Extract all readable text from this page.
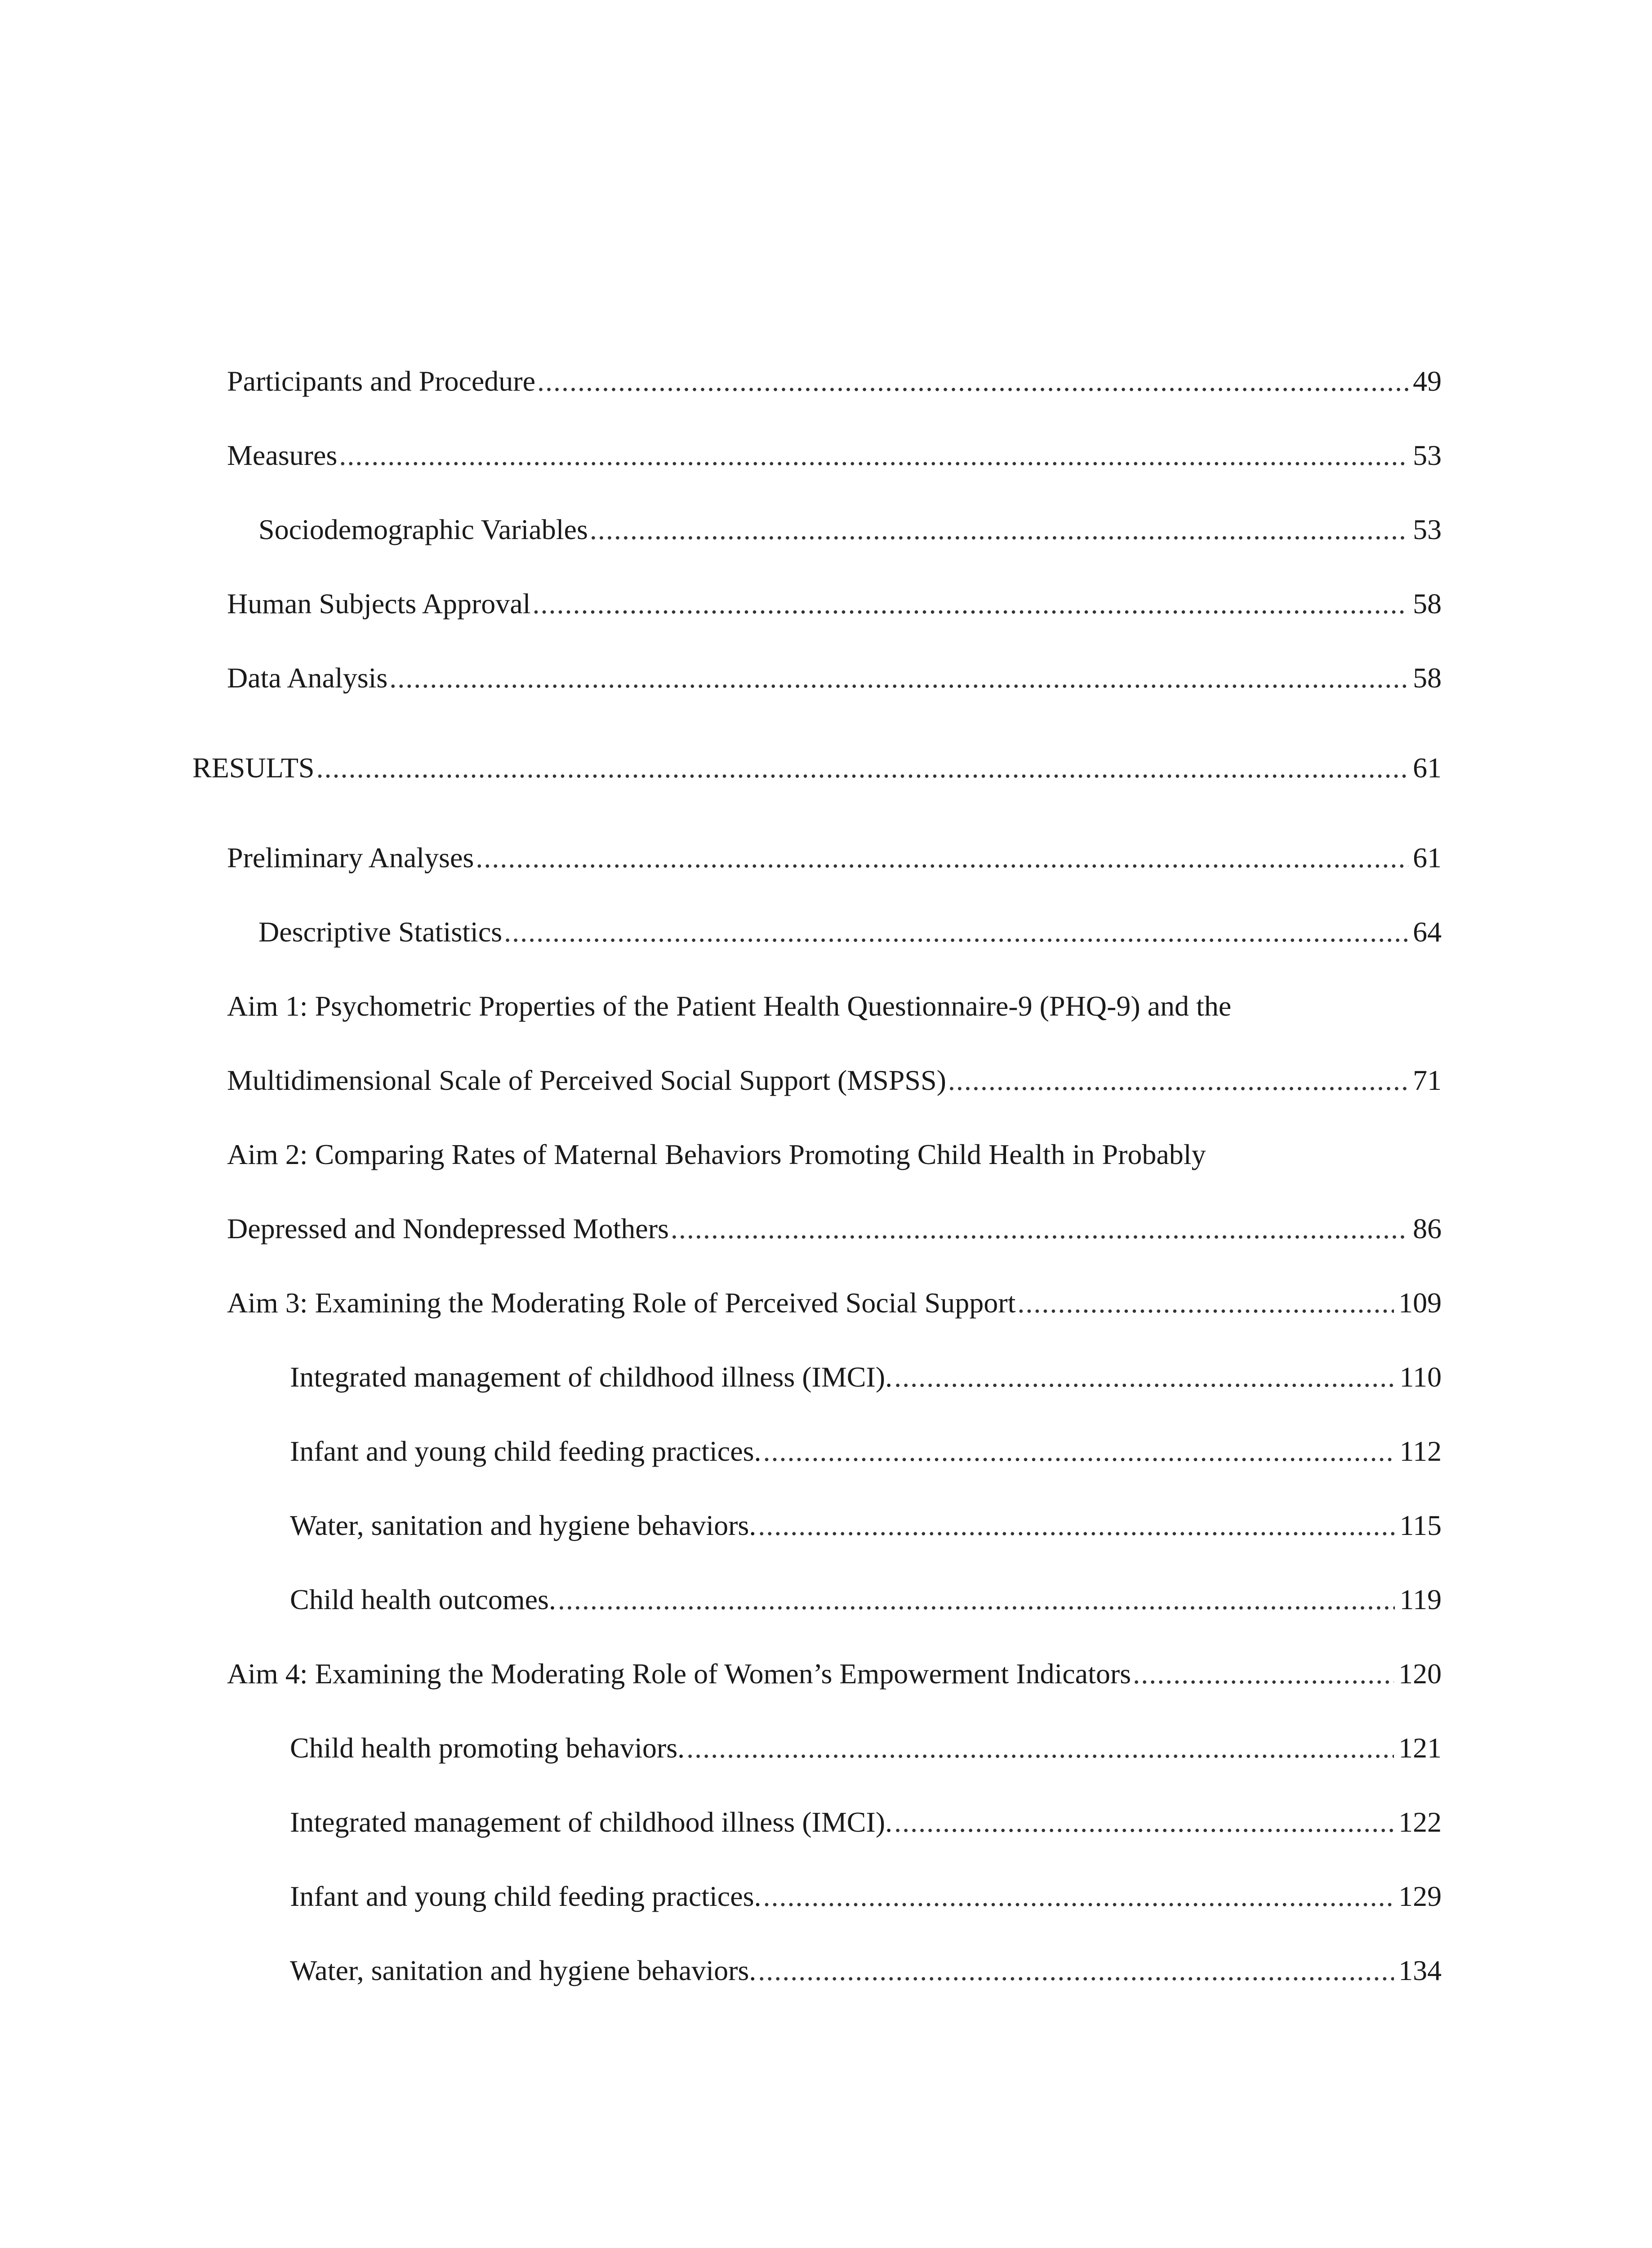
Participants and Procedure .....	49
Measures .....	53
Sociodemographic Variables .....	53
Human Subjects Approval .....	58
Data Analysis .....	58
RESULTS .....	61
Preliminary Analyses .....	61
Descriptive Statistics .....	64
Aim 1: Psychometric Properties of the Patient Health Questionnaire-9 (PHQ-9) and the
Multidimensional Scale of Perceived Social Support (MSPSS) .....	71
Aim 2: Comparing Rates of Maternal Behaviors Promoting Child Health in Probably
Depressed and Nondepressed Mothers .....	86
Aim 3: Examining the Moderating Role of Perceived Social Support .....	109
Integrated management of childhood illness (IMCI). .....	110
Infant and young child feeding practices. .....	112
Water, sanitation and hygiene behaviors. .....	115
Child health outcomes. .....	119
Aim 4: Examining the Moderating Role of Women’s Empowerment Indicators .....	120
Child health promoting behaviors. .....	121
Integrated management of childhood illness (IMCI). .....	122
Infant and young child feeding practices. .....	129
Water, sanitation and hygiene behaviors. .....	134
